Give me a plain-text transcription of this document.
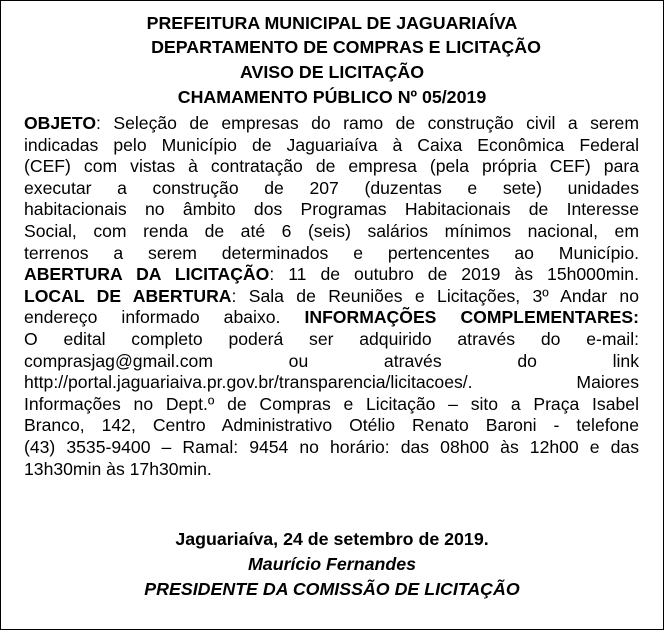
PREFEITURA MUNICIPAL DE JAGUARIAÍVA
DEPARTAMENTO DE COMPRAS E LICITAÇÃO
AVISO DE LICITAÇÃO
CHAMAMENTO PÚBLICO Nº 05/2019
OBJETO: Seleção de empresas do ramo de construção civil a serem
indicadas pelo Município de Jaguariaíva à Caixa Econômica Federal
(CEF) com vistas à contratação de empresa (pela própria CEF) para
executar a construção de 207 (duzentas e sete) unidades
habitacionais no âmbito dos Programas Habitacionais de Interesse
Social, com renda de até 6 (seis) salários mínimos nacional, em
terrenos a serem determinados e pertencentes ao Município.
ABERTURA DA LICITAÇÃO: 11 de outubro de 2019 às 15h000min.
LOCAL DE ABERTURA: Sala de Reuniões e Licitações, 3º Andar no
endereço informado abaixo. INFORMAÇÕES COMPLEMENTARES:
O edital completo poderá ser adquirido através do e-mail:
comprasjag@gmail.com ou através do link
http://portal.jaguariaiva.pr.gov.br/transparencia/licitacoes/. Maiores
Informações no Dept.º de Compras e Licitação – sito a Praça Isabel
Branco, 142, Centro Administrativo Otélio Renato Baroni - telefone
(43) 3535-9400 – Ramal: 9454 no horário: das 08h00 às 12h00 e das
13h30min às 17h30min.
Jaguariaíva, 24 de setembro de 2019.
Maurício Fernandes
PRESIDENTE DA COMISSÃO DE LICITAÇÃO
